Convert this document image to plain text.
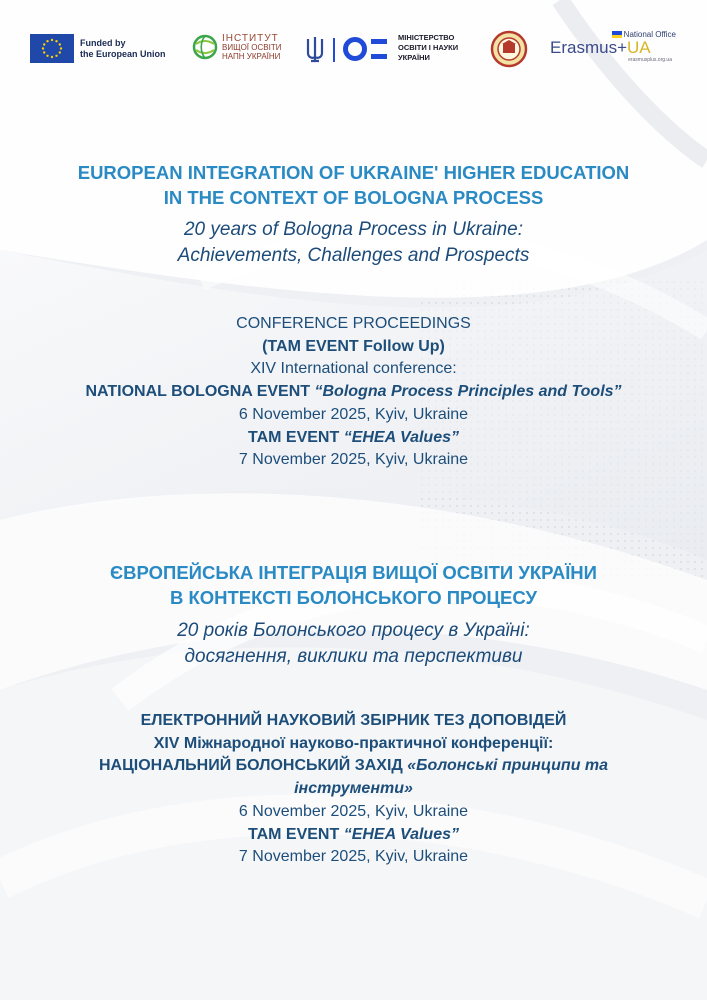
Funded by
the European Union
ІНСТИТУТ
ВИЩОЇ ОСВІТИ
НАПН УКРАЇНИ
МІНІСТЕРСТВО
ОСВІТИ І НАУКИ
УКРАЇНИ
National Office
Erasmus+UA
erasmusplus.org.ua
EUROPEAN INTEGRATION OF UKRAINE' HIGHER EDUCATION
IN THE CONTEXT OF BOLOGNA PROCESS
20 years of Bologna Process in Ukraine:
Achievements, Challenges and Prospects
CONFERENCE PROCEEDINGS
(TAM EVENT Follow Up)
XIV International conference:
NATIONAL BOLOGNA EVENT “Bologna Process Principles and Tools”
6 November 2025, Kyiv, Ukraine
TAM EVENT “EHEA Values”
7 November 2025, Kyiv, Ukraine
ЄВРОПЕЙСЬКА ІНТЕГРАЦІЯ ВИЩОЇ ОСВІТИ УКРАЇНИ
В КОНТЕКСТІ БОЛОНСЬКОГО ПРОЦЕСУ
20 років Болонського процесу в Україні:
досягнення, виклики та перспективи
ЕЛЕКТРОННИЙ НАУКОВИЙ ЗБІРНИК ТЕЗ ДОПОВІДЕЙ
XIV Міжнародної науково-практичної конференції:
НАЦІОНАЛЬНИЙ БОЛОНСЬКИЙ ЗАХІД «Болонські принципи та
інструменти»
6 November 2025, Kyiv, Ukraine
TAM EVENT “EHEA Values”
7 November 2025, Kyiv, Ukraine
